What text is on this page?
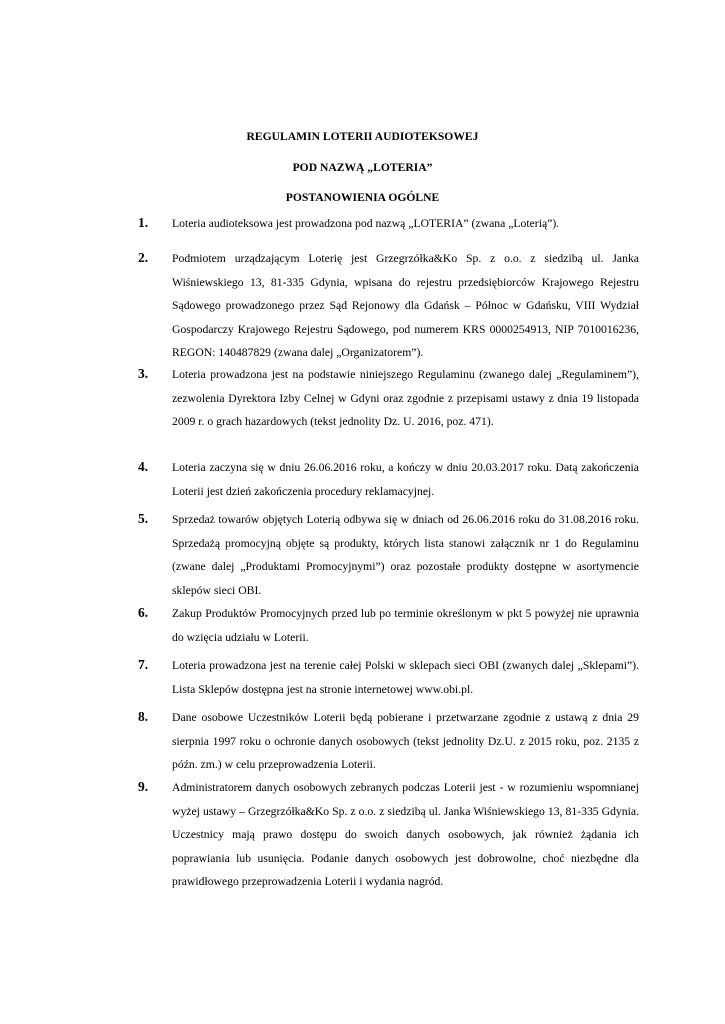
REGULAMIN LOTERII AUDIOTEKSOWEJ
POD NAZWĄ „LOTERIA”
POSTANOWIENIA OGÓLNE
1. Loteria audioteksowa jest prowadzona pod nazwą „LOTERIA” (zwana „Loterią”).
2. Podmiotem urządzającym Loterię jest Grzegrzółka&Ko Sp. z o.o. z siedzibą ul. Janka Wiśniewskiego 13, 81-335 Gdynia, wpisana do rejestru przedsiębiorców Krajowego Rejestru Sądowego prowadzonego przez Sąd Rejonowy dla Gdańsk – Północ w Gdańsku, VIII Wydział Gospodarczy Krajowego Rejestru Sądowego, pod numerem KRS 0000254913, NIP 7010016236, REGON: 140487829 (zwana dalej „Organizatorem”).
3. Loteria prowadzona jest na podstawie niniejszego Regulaminu (zwanego dalej „Regulaminem”), zezwolenia Dyrektora Izby Celnej w Gdyni oraz zgodnie z przepisami ustawy z dnia 19 listopada 2009 r. o grach hazardowych (tekst jednolity Dz. U. 2016, poz. 471).
4. Loteria zaczyna się w dniu 26.06.2016 roku, a kończy w dniu 20.03.2017 roku. Datą zakończenia Loterii jest dzień zakończenia procedury reklamacyjnej.
5. Sprzedaż towarów objętych Loterią odbywa się w dniach od 26.06.2016 roku do 31.08.2016 roku. Sprzedażą promocyjną objęte są produkty, których lista stanowi załącznik nr 1 do Regulaminu (zwane dalej „Produktami Promocyjnymi”) oraz pozostałe produkty dostępne w asortymencie sklepów sieci OBI.
6. Zakup Produktów Promocyjnych przed lub po terminie określonym w pkt 5 powyżej nie uprawnia do wzięcia udziału w Loterii.
7. Loteria prowadzona jest na terenie całej Polski w sklepach sieci OBI (zwanych dalej „Sklepami”). Lista Sklepów dostępna jest na stronie internetowej www.obi.pl.
8. Dane osobowe Uczestników Loterii będą pobierane i przetwarzane zgodnie z ustawą z dnia 29 sierpnia 1997 roku o ochronie danych osobowych (tekst jednolity Dz.U. z 2015 roku, poz. 2135 z późn. zm.) w celu przeprowadzenia Loterii.
9. Administratorem danych osobowych zebranych podczas Loterii jest - w rozumieniu wspomnianej wyżej ustawy – Grzegrzółka&Ko Sp. z o.o. z siedzibą ul. Janka Wiśniewskiego 13, 81-335 Gdynia. Uczestnicy mają prawo dostępu do swoich danych osobowych, jak również żądania ich poprawiania lub usunięcia. Podanie danych osobowych jest dobrowolne, choć niezbędne dla prawidłowego przeprowadzenia Loterii i wydania nagród.
